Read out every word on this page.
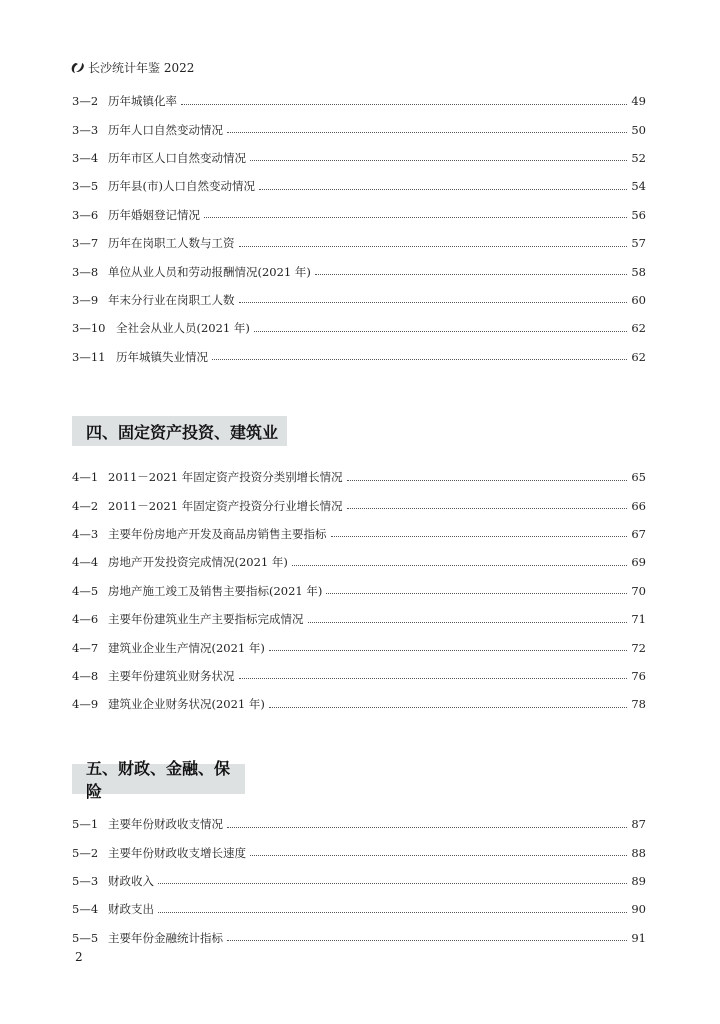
长沙统计年鉴 2022
3—2 历年城镇化率	49
3—3 历年人口自然变动情况	50
3—4 历年市区人口自然变动情况	52
3—5 历年县(市)人口自然变动情况	54
3—6 历年婚姻登记情况	56
3—7 历年在岗职工人数与工资	57
3—8 单位从业人员和劳动报酬情况(2021 年)	58
3—9 年末分行业在岗职工人数	60
3—10 全社会从业人员(2021 年)	62
3—11 历年城镇失业情况	62
四、固定资产投资、建筑业
4—1 2011－2021 年固定资产投资分类别增长情况	65
4—2 2011－2021 年固定资产投资分行业增长情况	66
4—3 主要年份房地产开发及商品房销售主要指标	67
4—4 房地产开发投资完成情况(2021 年)	69
4—5 房地产施工竣工及销售主要指标(2021 年)	70
4—6 主要年份建筑业生产主要指标完成情况	71
4—7 建筑业企业生产情况(2021 年)	72
4—8 主要年份建筑业财务状况	76
4—9 建筑业企业财务状况(2021 年)	78
五、财政、金融、保险
5—1 主要年份财政收支情况	87
5—2 主要年份财政收支增长速度	88
5—3 财政收入	89
5—4 财政支出	90
5—5 主要年份金融统计指标	91
2
